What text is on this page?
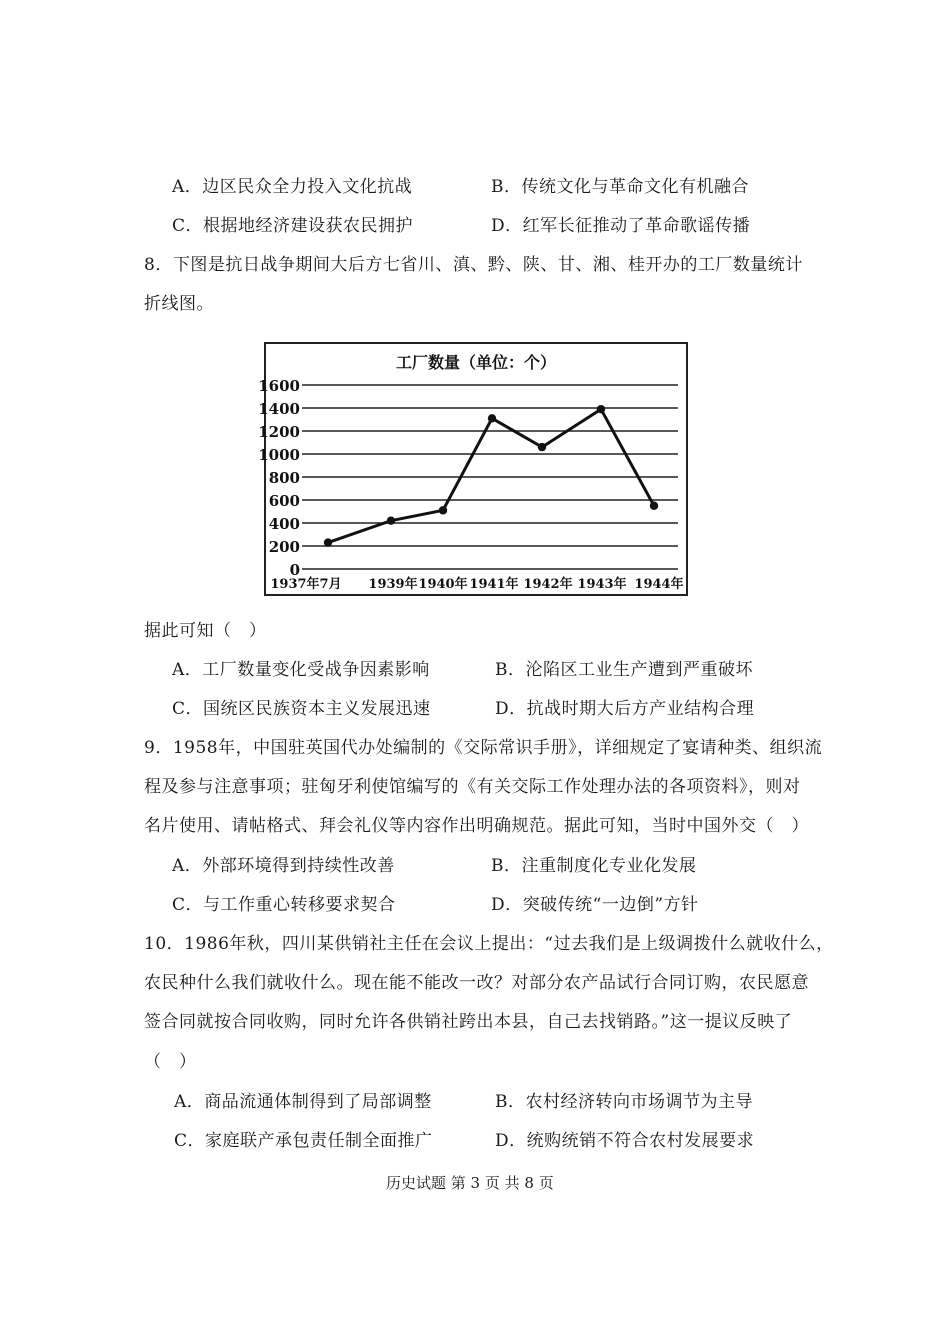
A．边区民众全力投入文化抗战	B．传统文化与革命文化有机融合
C．根据地经济建设获农民拥护	D．红军长征推动了革命歌谣传播
8．下图是抗日战争期间大后方七省川、滇、黔、陕、甘、湘、桂开办的工厂数量统计
折线图。
工厂数量（单位：个）
0
200
400
600
800
1000
1200
1400
1600
1937年7月 1939年 1940年 1941年 1942年 1943年 1944年
据此可知（　）
A．工厂数量变化受战争因素影响	B．沦陷区工业生产遭到严重破坏
C．国统区民族资本主义发展迅速	D．抗战时期大后方产业结构合理
9．1958年，中国驻英国代办处编制的《交际常识手册》，详细规定了宴请种类、组织流
程及参与注意事项；驻匈牙利使馆编写的《有关交际工作处理办法的各项资料》，则对
名片使用、请帖格式、拜会礼仪等内容作出明确规范。据此可知，当时中国外交（　）
A．外部环境得到持续性改善	B．注重制度化专业化发展
C．与工作重心转移要求契合	D．突破传统“一边倒”方针
10．1986年秋，四川某供销社主任在会议上提出：“过去我们是上级调拨什么就收什么，
农民种什么我们就收什么。现在能不能改一改？对部分农产品试行合同订购，农民愿意
签合同就按合同收购，同时允许各供销社跨出本县，自己去找销路。”这一提议反映了
（　）
A．商品流通体制得到了局部调整	B．农村经济转向市场调节为主导
C．家庭联产承包责任制全面推广	D．统购统销不符合农村发展要求
历史试题 第 3 页 共 8 页
